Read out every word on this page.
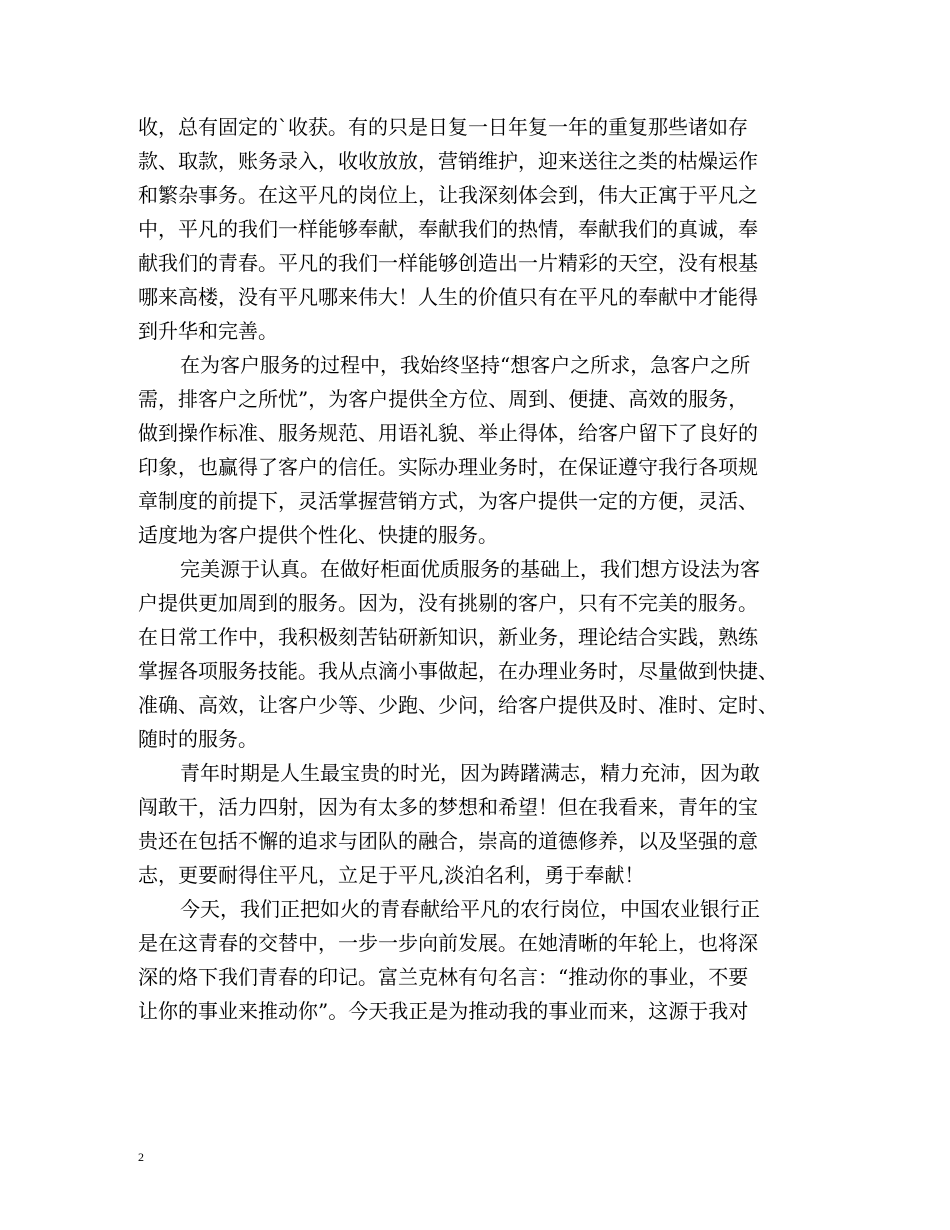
收，总有固定的`收获。有的只是日复一日年复一年的重复那些诸如存
款、取款，账务录入，收收放放，营销维护，迎来送往之类的枯燥运作
和繁杂事务。在这平凡的岗位上，让我深刻体会到，伟大正寓于平凡之
中，平凡的我们一样能够奉献，奉献我们的热情，奉献我们的真诚，奉
献我们的青春。平凡的我们一样能够创造出一片精彩的天空，没有根基
哪来高楼，没有平凡哪来伟大！人生的价值只有在平凡的奉献中才能得
到升华和完善。
在为客户服务的过程中，我始终坚持“想客户之所求，急客户之所
需，排客户之所忧”，为客户提供全方位、周到、便捷、高效的服务，
做到操作标准、服务规范、用语礼貌、举止得体，给客户留下了良好的
印象，也赢得了客户的信任。实际办理业务时，在保证遵守我行各项规
章制度的前提下，灵活掌握营销方式，为客户提供一定的方便，灵活、
适度地为客户提供个性化、快捷的服务。
完美源于认真。在做好柜面优质服务的基础上，我们想方设法为客
户提供更加周到的服务。因为，没有挑剔的客户，只有不完美的服务。
在日常工作中，我积极刻苦钻研新知识，新业务，理论结合实践，熟练
掌握各项服务技能。我从点滴小事做起，在办理业务时，尽量做到快捷、
准确、高效，让客户少等、少跑、少问，给客户提供及时、准时、定时、
随时的服务。
青年时期是人生最宝贵的时光，因为踌躇满志，精力充沛，因为敢
闯敢干，活力四射，因为有太多的梦想和希望！但在我看来，青年的宝
贵还在包括不懈的追求与团队的融合，崇高的道德修养，以及坚强的意
志，更要耐得住平凡，立足于平凡,淡泊名利，勇于奉献！
今天，我们正把如火的青春献给平凡的农行岗位，中国农业银行正
是在这青春的交替中，一步一步向前发展。在她清晰的年轮上，也将深
深的烙下我们青春的印记。富兰克林有句名言：“推动你的事业，不要
让你的事业来推动你”。今天我正是为推动我的事业而来，这源于我对
2
